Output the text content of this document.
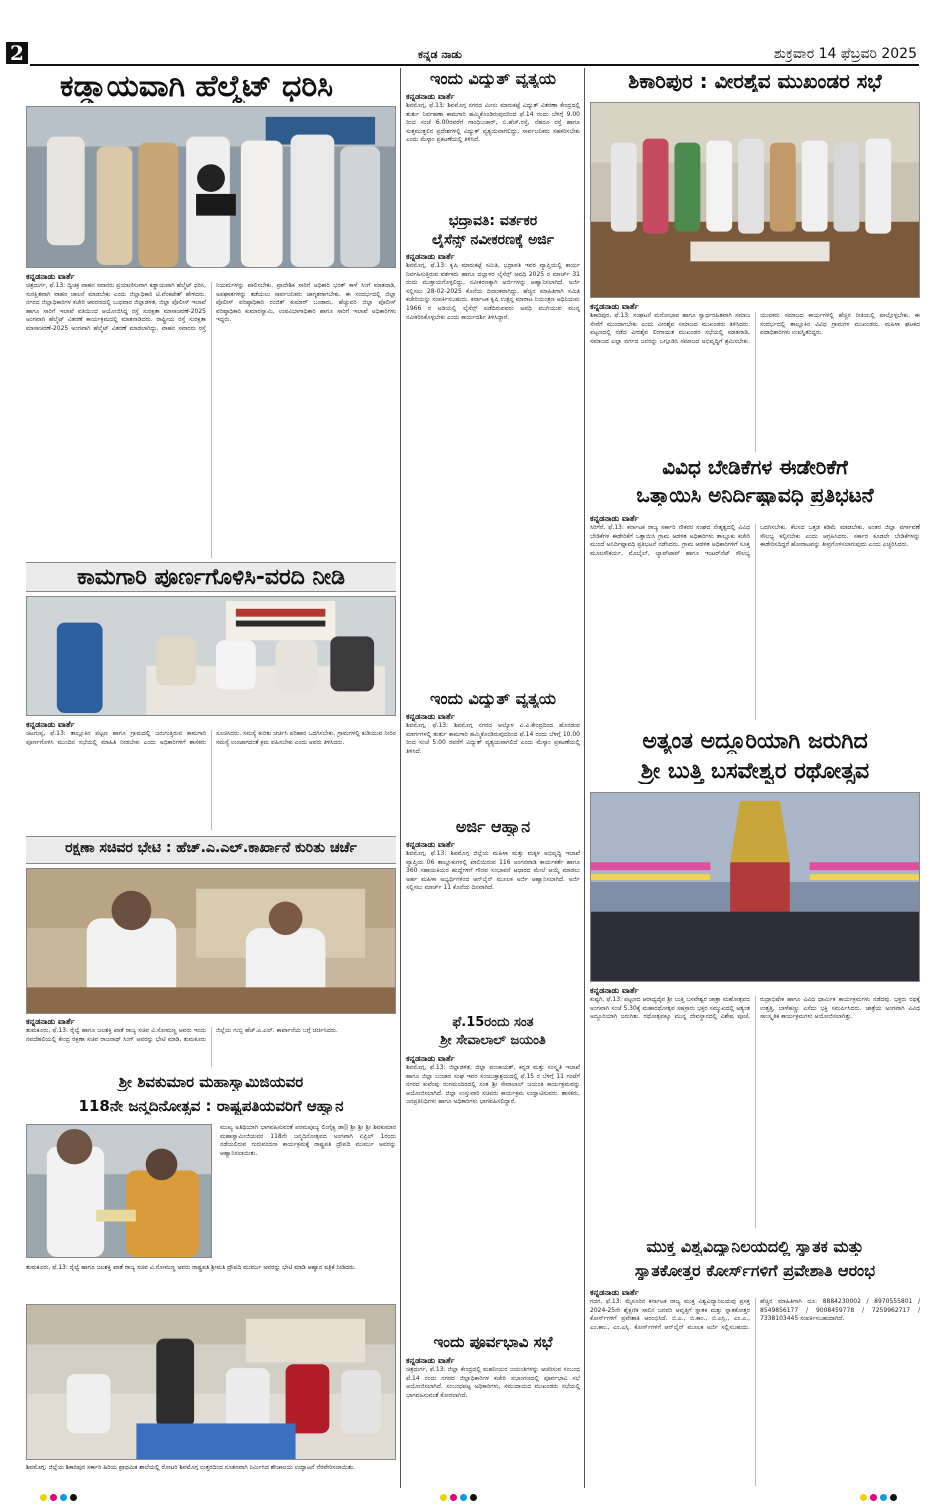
2	ಕನ್ನಡ ನಾಡು	ಶುಕ್ರವಾರ 14 ಫೆಬ್ರವರಿ 2025
ಕಡ್ಡಾಯವಾಗಿ ಹೆಲ್ಮೆಟ್ ಧರಿಸಿ
ಕನ್ನಡನಾಡು ವಾರ್ತೆ
ಚಿತ್ರದುರ್ಗ, ಫೆ.13: ದ್ವಿಚಕ್ರ ವಾಹನ ಸವಾರರು ಪ್ರಯಾಣಿಸುವಾಗ ಕಡ್ಡಾಯವಾಗಿ ಹೆಲ್ಮೆಟ್ ಧರಿಸಿ, ಸುರಕ್ಷಿತವಾಗಿ ವಾಹನ ಚಾಲನೆ ಮಾಡಬೇಕು ಎಂದು ಜಿಲ್ಲಾಧಿಕಾರಿ ಟಿ.ವೆಂಕಟೇಶ್ ಹೇಳಿದರು. ನಗರದ ಜಿಲ್ಲಾಧಿಕಾರಿಗಳ ಕಚೇರಿ ಆವರಣದಲ್ಲಿ ಬುಧವಾರ ಜಿಲ್ಲಾಡಳಿತ, ಜಿಲ್ಲಾ ಪೊಲೀಸ್ ಇಲಾಖೆ ಹಾಗೂ ಸಾರಿಗೆ ಇಲಾಖೆ ವತಿಯಿಂದ ಆಯೋಜಿಸಿದ್ದ ರಸ್ತೆ ಸುರಕ್ಷತಾ ಮಾಸಾಚರಣೆ-2025 ಅಂಗವಾಗಿ ಹೆಲ್ಮೆಟ್ ವಿತರಣೆ ಕಾರ್ಯಕ್ರಮದಲ್ಲಿ ಮಾತನಾಡಿದರು. ರಾಷ್ಟ್ರೀಯ ರಸ್ತೆ ಸುರಕ್ಷತಾ ಮಾಸಾಚರಣೆ-2025 ಅಂಗವಾಗಿ ಹೆಲ್ಮೆಟ್ ವಿತರಣೆ ಮಾಡಲಾಗಿದ್ದು, ವಾಹನ ಸವಾರರು ರಸ್ತೆ ನಿಯಮಗಳನ್ನು ಪಾಲಿಸಬೇಕು. ಪ್ರಾದೇಶಿಕ ಸಾರಿಗೆ ಅಧಿಕಾರಿ ಭರತ್ ಕಾಳೆ ಸಿಂಗೆ ಮಾತನಾಡಿ, ಅಪಘಾತಗಳನ್ನು ತಡೆಯಲು ಸಾರ್ವಜನಿಕರು ಜಾಗೃತರಾಗಬೇಕು. ಈ ಸಂದರ್ಭದಲ್ಲಿ ಜಿಲ್ಲಾ ಪೊಲೀಸ್ ವರಿಷ್ಠಾಧಿಕಾರಿ ರಂಜಿತ್ ಕುಮಾರ್ ಬಂಡಾರು, ಹೆಚ್ಚುವರಿ ಜಿಲ್ಲಾ ಪೊಲೀಸ್ ವರಿಷ್ಠಾಧಿಕಾರಿ ಕುಮಾರಸ್ವಾಮಿ, ಉಪವಿಭಾಗಾಧಿಕಾರಿ ಹಾಗೂ ಸಾರಿಗೆ ಇಲಾಖೆ ಅಧಿಕಾರಿಗಳು ಇದ್ದರು.
ಕಾಮಗಾರಿ ಪೂರ್ಣಗೊಳಿಸಿ-ವರದಿ ನೀಡಿ
ಕನ್ನಡನಾಡು ವಾರ್ತೆ
ಚಿಟಗುಪ್ಪ, ಫೆ.13: ತಾಲ್ಲೂಕಿನ ಪಟ್ಟಣ ಹಾಗೂ ಗ್ರಾಮದಲ್ಲಿ ಜರುಗುತ್ತಿರುವ ಕಾಮಗಾರಿ ಪೂರ್ಣಗೊಳಿಸಿ ಮುಂದಿನ ಸಭೆಯಲ್ಲಿ ಮಾಹಿತಿ ನೀಡಬೇಕು ಎಂದು ಅಧಿಕಾರಿಗಳಿಗೆ ಶಾಸಕರು ಸೂಚಿಸಿದರು. ಸಮಸ್ಯೆ ಕುರಿತು ಚರ್ಚಿಸಿ ಪರಿಹಾರ ಒದಗಿಸಬೇಕು. ಗ್ರಾಮಗಳಲ್ಲಿ ಕುಡಿಯುವ ನೀರಿನ ಸಮಸ್ಯೆ ಉಂಟಾಗದಂತೆ ಕ್ರಮ ವಹಿಸಬೇಕು ಎಂದು ಅವರು ತಿಳಿಸಿದರು.
ರಕ್ಷಣಾ ಸಚಿವರ ಭೇಟಿ : ಹೆಚ್.ಎ.ಎಲ್.ಕಾರ್ಖಾನೆ ಕುರಿತು ಚರ್ಚೆ
ಕನ್ನಡನಾಡು ವಾರ್ತೆ
ತುಮಕೂರು, ಫೆ.13: ರೈಲ್ವೆ ಹಾಗೂ ಜಲಶಕ್ತಿ ಖಾತೆ ರಾಜ್ಯ ಸಚಿವ ವಿ.ಸೋಮಣ್ಣ ಅವರು ಇಂದು ನವದೆಹಲಿಯಲ್ಲಿ ಕೇಂದ್ರ ರಕ್ಷಣಾ ಸಚಿವ ರಾಜನಾಥ್ ಸಿಂಗ್ ಅವರನ್ನು ಭೇಟಿ ಮಾಡಿ, ತುಮಕೂರು ಜಿಲ್ಲೆಯ ಗುಬ್ಬಿ ಹೆಚ್.ಎ.ಎಲ್. ಕಾರ್ಖಾನೆಯ ಬಗ್ಗೆ ಚರ್ಚಿಸಿದರು.
ಶ್ರೀ ಶಿವಕುಮಾರ ಮಹಾಸ್ವಾಮಿಜಿಯವರ
118ನೇ ಜನ್ಮದಿನೋತ್ಸವ : ರಾಷ್ಟ್ರಪತಿಯವರಿಗೆ ಆಹ್ವಾನ
ಮುಖ್ಯ ಅತಿಥಿಯಾಗಿ ಭಾಗವಹಿಸುವಂತೆ ಪರಮಪೂಜ್ಯ ಲಿಂಗೈಕ್ಯ ಡಾ|| ಶ್ರೀ ಶ್ರೀ ಶ್ರೀ ಶಿವಕುಮಾರ ಮಹಾಸ್ವಾಮೀಜಿಯವರ 118ನೇ ಜನ್ಮದಿನೋತ್ಸವದ ಅಂಗವಾಗಿ ಏಪ್ರಿಲ್ 1ರಂದು ನಡೆಯಲಿರುವ ಗುರುವಂದನಾ ಕಾರ್ಯಕ್ರಮಕ್ಕೆ ರಾಷ್ಟ್ರಪತಿ ದ್ರೌಪದಿ ಮುರ್ಮು ಅವರನ್ನು ಆಹ್ವಾನಿಸಲಾಯಿತು.
ತುಮಕೂರು, ಫೆ.13: ರೈಲ್ವೆ ಹಾಗೂ ಜಲಶಕ್ತಿ ಖಾತೆ ರಾಜ್ಯ ಸಚಿವ ವಿ.ಸೋಮಣ್ಣ ಅವರು ರಾಷ್ಟ್ರಪತಿ ಶ್ರೀಮತಿ ದ್ರೌಪದಿ ಮುರ್ಮು ಅವರನ್ನು ಭೇಟಿ ಮಾಡಿ ಆಹ್ವಾನ ಪತ್ರಿಕೆ ನೀಡಿದರು.
ಶಿವಮೊಗ್ಗ: ಜಿಲ್ಲೆಯ ಶಿಕಾರಿಪುರ ಸರ್ಕಾರಿ ಹಿರಿಯ ಪ್ರಾಥಮಿಕ ಶಾಲೆಯಲ್ಲಿ ರೋಟರಿ ಶಿವಮೊಗ್ಗ ಉತ್ತರದಿಂದ ನೂತನವಾಗಿ ನಿರ್ಮಿಸಿದ ಶೌಚಾಲಯ ಉದ್ಘಾಟನೆ ನೆರವೇರಿಸಲಾಯಿತು.
ಇಂದು ವಿದ್ಯುತ್ ವ್ಯತ್ಯಯ
ಕನ್ನಡನಾಡು ವಾರ್ತೆ
ಶಿವಮೊಗ್ಗ, ಫೆ.13: ಶಿವಮೊಗ್ಗ ನಗರದ ಮೀನು ಮಾರುಕಟ್ಟೆ ವಿದ್ಯುತ್ ವಿತರಣಾ ಕೇಂದ್ರದಲ್ಲಿ ತುರ್ತು ನಿರ್ವಹಣಾ ಕಾಮಗಾರಿ ಹಮ್ಮಿಕೊಂಡಿರುವುದರಿಂದ ಫೆ.14 ರಂದು ಬೆಳಿಗ್ಗೆ 9.00 ರಿಂದ ಸಂಜೆ 6.00ರವರೆಗೆ ಗಾಂಧಿಬಜಾರ್, ಬಿ.ಹೆಚ್.ರಸ್ತೆ, ನೆಹರೂ ರಸ್ತೆ ಹಾಗೂ ಸುತ್ತಮುತ್ತಲಿನ ಪ್ರದೇಶಗಳಲ್ಲಿ ವಿದ್ಯುತ್ ವ್ಯತ್ಯಯವಾಗಲಿದ್ದು, ಸಾರ್ವಜನಿಕರು ಸಹಕರಿಸಬೇಕು ಎಂದು ಮೆಸ್ಕಾಂ ಪ್ರಕಟಣೆಯಲ್ಲಿ ತಿಳಿಸಿದೆ.
ಭದ್ರಾವತಿ: ವರ್ತಕರ
ಲೈಸೆನ್ಸ್ ನವೀಕರಣಕ್ಕೆ ಅರ್ಜಿ
ಕನ್ನಡನಾಡು ವಾರ್ತೆ
ಶಿವಮೊಗ್ಗ, ಫೆ.13: ಕೃಷಿ ಮಾರುಕಟ್ಟೆ ಸಮಿತಿ, ಭದ್ರಾವತಿ ಇವರ ವ್ಯಾಪ್ತಿಯಲ್ಲಿ ಕಾರ್ಯ ನಿರ್ವಹಿಸುತ್ತಿರುವ ವರ್ತಕರು ಹಾಗೂ ದಲ್ಲಾಳರ ಲೈಸೆನ್ಸ್ ಅವಧಿ 2025 ರ ಮಾರ್ಚ್ 31 ರಂದು ಮುಕ್ತಾಯಗೊಳ್ಳಲಿದ್ದು, ನವೀಕರಣಕ್ಕಾಗಿ ಅರ್ಜಿಗಳನ್ನು ಆಹ್ವಾನಿಸಲಾಗಿದೆ. ಅರ್ಜಿ ಸಲ್ಲಿಸಲು 28-02-2025 ಕೊನೆಯ ದಿನಾಂಕವಾಗಿದ್ದು, ಹೆಚ್ಚಿನ ಮಾಹಿತಿಗಾಗಿ ಸಮಿತಿ ಕಚೇರಿಯನ್ನು ಸಂಪರ್ಕಿಸಬಹುದು. ಕರ್ನಾಟಕ ಕೃಷಿ ಉತ್ಪನ್ನ ಮಾರಾಟ ನಿಯಂತ್ರಣ ಅಧಿನಿಯಮ 1966 ರ ಅಡಿಯಲ್ಲಿ ಲೈಸೆನ್ಸ್ ಪಡೆದಿರುವವರು ಅವಧಿ ಮುಗಿಯುವ ಮುನ್ನ ನವೀಕರಿಸಿಕೊಳ್ಳಬೇಕು ಎಂದು ಕಾರ್ಯದರ್ಶಿ ತಿಳಿಸಿದ್ದಾರೆ.
ಇಂದು ವಿದ್ಯುತ್ ವ್ಯತ್ಯಯ
ಕನ್ನಡನಾಡು ವಾರ್ತೆ
ಶಿವಮೊಗ್ಗ, ಫೆ.13: ಶಿವಮೊಗ್ಗ ನಗರದ ಆಲ್ಕೊಳ ವಿ.ವಿ.ಕೇಂದ್ರದಿಂದ ಹೊರಡುವ ಮಾರ್ಗಗಳಲ್ಲಿ ತುರ್ತು ಕಾಮಗಾರಿ ಹಮ್ಮಿಕೊಂಡಿರುವುದರಿಂದ ಫೆ.14 ರಂದು ಬೆಳಿಗ್ಗೆ 10.00 ರಿಂದ ಸಂಜೆ 5.00 ರವರೆಗೆ ವಿದ್ಯುತ್ ವ್ಯತ್ಯಯವಾಗಲಿದೆ ಎಂದು ಮೆಸ್ಕಾಂ ಪ್ರಕಟಣೆಯಲ್ಲಿ ತಿಳಿಸಿದೆ.
ಅರ್ಜಿ ಆಹ್ವಾನ
ಕನ್ನಡನಾಡು ವಾರ್ತೆ
ಶಿವಮೊಗ್ಗ, ಫೆ.13: ಶಿವಮೊಗ್ಗ ಜಿಲ್ಲೆಯ ಮಹಿಳಾ ಮತ್ತು ಮಕ್ಕಳ ಅಭಿವೃದ್ಧಿ ಇಲಾಖೆ ವ್ಯಾಪ್ತಿಯ 06 ತಾಲ್ಲೂಕುಗಳಲ್ಲಿ ಖಾಲಿಯಿರುವ 116 ಅಂಗನವಾಡಿ ಕಾರ್ಯಕರ್ತೆ ಹಾಗೂ 360 ಸಹಾಯಕಿಯರ ಹುದ್ದೆಗಳಿಗೆ ಗೌರವ ಸಂಭಾವನೆ ಆಧಾರದ ಮೇಲೆ ಆಯ್ಕೆ ಮಾಡಲು ಅರ್ಹ ಮಹಿಳಾ ಅಭ್ಯರ್ಥಿಗಳಿಂದ ಆನ್‌ಲೈನ್ ಮೂಲಕ ಅರ್ಜಿ ಆಹ್ವಾನಿಸಲಾಗಿದೆ. ಅರ್ಜಿ ಸಲ್ಲಿಸಲು ಮಾರ್ಚ್ 11 ಕೊನೆಯ ದಿನವಾಗಿದೆ.
ಫೆ.15ರಂದು ಸಂತ
ಶ್ರೀ ಸೇವಾಲಾಲ್ ಜಯಂತಿ
ಕನ್ನಡನಾಡು ವಾರ್ತೆ
ಶಿವಮೊಗ್ಗ, ಫೆ.13: ಜಿಲ್ಲಾಡಳಿತ, ಜಿಲ್ಲಾ ಪಂಚಾಯತ್, ಕನ್ನಡ ಮತ್ತು ಸಂಸ್ಕೃತಿ ಇಲಾಖೆ ಹಾಗೂ ಜಿಲ್ಲಾ ಬಂಜಾರ ಸಂಘ ಇವರ ಸಂಯುಕ್ತಾಶ್ರಯದಲ್ಲಿ ಫೆ.15 ರ ಬೆಳಿಗ್ಗೆ 11 ಗಂಟೆಗೆ ನಗರದ ಕುವೆಂಪು ರಂಗಮಂದಿರದಲ್ಲಿ ಸಂತ ಶ್ರೀ ಸೇವಾಲಾಲ್ ಜಯಂತಿ ಕಾರ್ಯಕ್ರಮವನ್ನು ಆಯೋಜಿಸಲಾಗಿದೆ. ಜಿಲ್ಲಾ ಉಸ್ತುವಾರಿ ಸಚಿವರು ಕಾರ್ಯಕ್ರಮ ಉದ್ಘಾಟಿಸುವರು. ಶಾಸಕರು, ಜನಪ್ರತಿನಿಧಿಗಳು ಹಾಗೂ ಅಧಿಕಾರಿಗಳು ಭಾಗವಹಿಸಲಿದ್ದಾರೆ.
ಇಂದು ಪೂರ್ವಭಾವಿ ಸಭೆ
ಕನ್ನಡನಾಡು ವಾರ್ತೆ
ಚಿತ್ರದುರ್ಗ, ಫೆ.13: ಜಿಲ್ಲಾ ಕೇಂದ್ರದಲ್ಲಿ ಮಹನೀಯರ ಜಯಂತಿಗಳನ್ನು ಆಚರಿಸುವ ಸಂಬಂಧ ಫೆ.14 ರಂದು ನಗರದ ಜಿಲ್ಲಾಧಿಕಾರಿಗಳ ಕಚೇರಿ ಸಭಾಂಗಣದಲ್ಲಿ ಪೂರ್ವಭಾವಿ ಸಭೆ ಆಯೋಜಿಸಲಾಗಿದೆ. ಸಂಬಂಧಪಟ್ಟ ಅಧಿಕಾರಿಗಳು, ಸಮುದಾಯದ ಮುಖಂಡರು ಸಭೆಯಲ್ಲಿ ಭಾಗವಹಿಸುವಂತೆ ಕೋರಲಾಗಿದೆ.
ಶಿಕಾರಿಪುರ : ವೀರಶೈವ ಮುಖಂಡರ ಸಭೆ
ಕನ್ನಡನಾಡು ವಾರ್ತೆ
ಶಿಕಾರಿಪುರ, ಫೆ.13: ಸಂಘಟನೆ ಮನೋಭಾವ ಹಾಗೂ ಸ್ವಾರ್ಥರಹಿತವಾಗಿ ಸಮಾಜ ಸೇವೆಗೆ ಮುಂದಾಗಬೇಕು ಎಂದು ವೀರಶೈವ ಸಮಾಜದ ಮುಖಂಡರು ತಿಳಿಸಿದರು. ಪಟ್ಟಣದಲ್ಲಿ ನಡೆದ ವೀರಶೈವ ಲಿಂಗಾಯತ ಮುಖಂಡರ ಸಭೆಯಲ್ಲಿ ಮಾತನಾಡಿ, ಸಮಾಜದ ಎಲ್ಲಾ ವರ್ಗದ ಜನರನ್ನು ಒಗ್ಗೂಡಿಸಿ ಸಮಾಜದ ಅಭಿವೃದ್ಧಿಗೆ ಶ್ರಮಿಸಬೇಕು. ಯುವಕರು ಸಮಾಜದ ಕಾರ್ಯಗಳಲ್ಲಿ ಹೆಚ್ಚಿನ ರೀತಿಯಲ್ಲಿ ಪಾಲ್ಗೊಳ್ಳಬೇಕು. ಈ ಸಂದರ್ಭದಲ್ಲಿ ತಾಲ್ಲೂಕಿನ ವಿವಿಧ ಗ್ರಾಮಗಳ ಮುಖಂಡರು, ಮಹಿಳಾ ಘಟಕದ ಪದಾಧಿಕಾರಿಗಳು ಉಪಸ್ಥಿತರಿದ್ದರು.
ವಿವಿಧ ಬೇಡಿಕೆಗಳ ಈಡೇರಿಕೆಗೆ
ಒತ್ತಾಯಿಸಿ ಅನಿರ್ದಿಷ್ಟಾವಧಿ ಪ್ರತಿಭಟನೆ
ಕನ್ನಡನಾಡು ವಾರ್ತೆ
ಸಿರಿಗೆರೆ, ಫೆ.13: ಕರ್ನಾಟಕ ರಾಜ್ಯ ಸರ್ಕಾರಿ ನೌಕರರ ಸಂಘದ ನೇತೃತ್ವದಲ್ಲಿ ವಿವಿಧ ಬೇಡಿಕೆಗಳ ಈಡೇರಿಕೆಗೆ ಒತ್ತಾಯಿಸಿ ಗ್ರಾಮ ಆಡಳಿತ ಅಧಿಕಾರಿಗಳು ತಾಲ್ಲೂಕು ಕಚೇರಿ ಮುಂದೆ ಅನಿರ್ದಿಷ್ಟಾವಧಿ ಪ್ರತಿಭಟನೆ ನಡೆಸಿದರು. ಗ್ರಾಮ ಆಡಳಿತ ಅಧಿಕಾರಿಗಳಿಗೆ ಸೂಕ್ತ ಮೂಲಸೌಕರ್ಯ, ಮೊಬೈಲ್, ಲ್ಯಾಪ್‌ಟಾಪ್ ಹಾಗೂ ಇಂಟರ್‌ನೆಟ್ ಸೌಲಭ್ಯ ಒದಗಿಸಬೇಕು. ಕೆಲಸದ ಒತ್ತಡ ಕಡಿಮೆ ಮಾಡಬೇಕು, ಅಂತರ ಜಿಲ್ಲಾ ವರ್ಗಾವಣೆ ಸೌಲಭ್ಯ ಕಲ್ಪಿಸಬೇಕು ಎಂದು ಆಗ್ರಹಿಸಿದರು. ಸರ್ಕಾರ ಕೂಡಲೇ ಬೇಡಿಕೆಗಳನ್ನು ಈಡೇರಿಸದಿದ್ದರೆ ಹೋರಾಟವನ್ನು ತೀವ್ರಗೊಳಿಸಲಾಗುವುದು ಎಂದು ಎಚ್ಚರಿಸಿದರು.
ಅತ್ಯಂತ ಅದ್ದೂರಿಯಾಗಿ ಜರುಗಿದ
ಶ್ರೀ ಬುತ್ತಿ ಬಸವೇಶ್ವರ ರಥೋತ್ಸವ
ಕನ್ನಡನಾಡು ವಾರ್ತೆ
ಕುಷ್ಟಗಿ, ಫೆ.13: ಪಟ್ಟಣದ ಆರಾಧ್ಯದೈವ ಶ್ರೀ ಬುತ್ತಿ ಬಸವೇಶ್ವರ ಜಾತ್ರಾ ಮಹೋತ್ಸವದ ಅಂಗವಾಗಿ ಸಂಜೆ 5.30ಕ್ಕೆ ಮಹಾರಥೋತ್ಸವ ಸಹಸ್ರಾರು ಭಕ್ತರ ಸಮ್ಮುಖದಲ್ಲಿ ಅತ್ಯಂತ ಅದ್ದೂರಿಯಾಗಿ ಜರುಗಿತು. ರಥೋತ್ಸವಕ್ಕೂ ಮುನ್ನ ದೇವಸ್ಥಾನದಲ್ಲಿ ವಿಶೇಷ ಪೂಜೆ, ರುದ್ರಾಭಿಷೇಕ ಹಾಗೂ ವಿವಿಧ ಧಾರ್ಮಿಕ ಕಾರ್ಯಕ್ರಮಗಳು ನಡೆದವು. ಭಕ್ತರು ರಥಕ್ಕೆ ಉತ್ತತ್ತಿ, ಬಾಳೆಹಣ್ಣು ಎಸೆದು ಭಕ್ತಿ ಸಮರ್ಪಿಸಿದರು. ಜಾತ್ರೆಯ ಅಂಗವಾಗಿ ವಿವಿಧ ಸಾಂಸ್ಕೃತಿಕ ಕಾರ್ಯಕ್ರಮಗಳು ಆಯೋಜಿಸಲಾಗಿತ್ತು.
ಮುಕ್ತ ವಿಶ್ವವಿದ್ಯಾನಿಲಯದಲ್ಲಿ ಸ್ನಾತಕ ಮತ್ತು
ಸ್ನಾತಕೋತ್ತರ ಕೋರ್ಸ್‌ಗಳಿಗೆ ಪ್ರವೇಶಾತಿ ಆರಂಭ
ಕನ್ನಡನಾಡು ವಾರ್ತೆ
ಗದಗ, ಫೆ.13: ಮೈಸೂರಿನ ಕರ್ನಾಟಕ ರಾಜ್ಯ ಮುಕ್ತ ವಿಶ್ವವಿದ್ಯಾನಿಲಯವು ಪ್ರಸಕ್ತ 2024-25ನೇ ಶೈಕ್ಷಣಿಕ ಸಾಲಿನ ಜನವರಿ ಆವೃತ್ತಿಗೆ ಸ್ನಾತಕ ಮತ್ತು ಸ್ನಾತಕೋತ್ತರ ಕೋರ್ಸ್‌ಗಳಿಗೆ ಪ್ರವೇಶಾತಿ ಆರಂಭಿಸಿದೆ. ಬಿ.ಎ., ಬಿ.ಕಾಂ., ಬಿ.ಎಸ್ಸಿ., ಎಂ.ಎ., ಎಂ.ಕಾಂ., ಎಂ.ಎಸ್ಸಿ. ಕೋರ್ಸ್‌ಗಳಿಗೆ ಆನ್‌ಲೈನ್ ಮೂಲಕ ಅರ್ಜಿ ಸಲ್ಲಿಸಬಹುದು. ಹೆಚ್ಚಿನ ಮಾಹಿತಿಗಾಗಿ ದೂ: 8884230002 / 8970555801 / 8549856177 / 9008459778 / 7259962717 / 7338103445 ಸಂಪರ್ಕಿಸಬಹುದಾಗಿದೆ.
